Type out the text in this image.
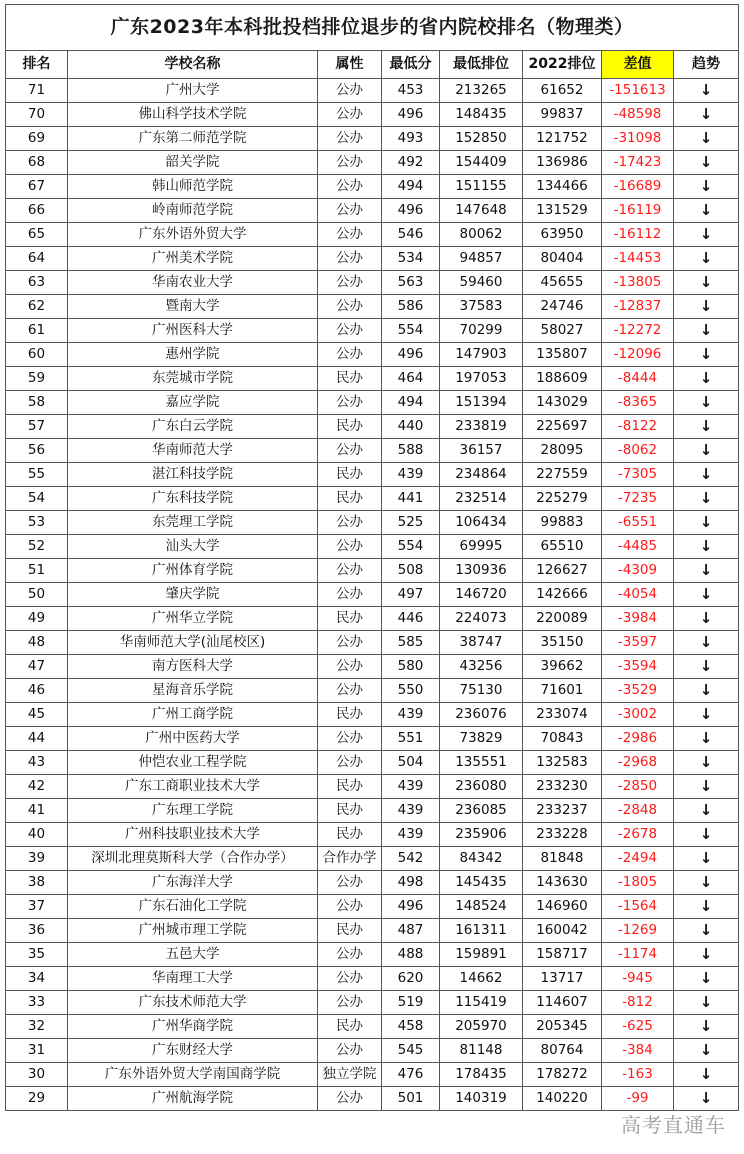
广东2023年本科批投档排位退步的省内院校排名（物理类）							
排名	学校名称	属性	最低分	最低排位	2022排位	差值	趋势
71	广州大学	公办	453	213265	61652	-151613	↓
70	佛山科学技术学院	公办	496	148435	99837	-48598	↓
69	广东第二师范学院	公办	493	152850	121752	-31098	↓
68	韶关学院	公办	492	154409	136986	-17423	↓
67	韩山师范学院	公办	494	151155	134466	-16689	↓
66	岭南师范学院	公办	496	147648	131529	-16119	↓
65	广东外语外贸大学	公办	546	80062	63950	-16112	↓
64	广州美术学院	公办	534	94857	80404	-14453	↓
63	华南农业大学	公办	563	59460	45655	-13805	↓
62	暨南大学	公办	586	37583	24746	-12837	↓
61	广州医科大学	公办	554	70299	58027	-12272	↓
60	惠州学院	公办	496	147903	135807	-12096	↓
59	东莞城市学院	民办	464	197053	188609	-8444	↓
58	嘉应学院	公办	494	151394	143029	-8365	↓
57	广东白云学院	民办	440	233819	225697	-8122	↓
56	华南师范大学	公办	588	36157	28095	-8062	↓
55	湛江科技学院	民办	439	234864	227559	-7305	↓
54	广东科技学院	民办	441	232514	225279	-7235	↓
53	东莞理工学院	公办	525	106434	99883	-6551	↓
52	汕头大学	公办	554	69995	65510	-4485	↓
51	广州体育学院	公办	508	130936	126627	-4309	↓
50	肇庆学院	公办	497	146720	142666	-4054	↓
49	广州华立学院	民办	446	224073	220089	-3984	↓
48	华南师范大学(汕尾校区)	公办	585	38747	35150	-3597	↓
47	南方医科大学	公办	580	43256	39662	-3594	↓
46	星海音乐学院	公办	550	75130	71601	-3529	↓
45	广州工商学院	民办	439	236076	233074	-3002	↓
44	广州中医药大学	公办	551	73829	70843	-2986	↓
43	仲恺农业工程学院	公办	504	135551	132583	-2968	↓
42	广东工商职业技术大学	民办	439	236080	233230	-2850	↓
41	广东理工学院	民办	439	236085	233237	-2848	↓
40	广州科技职业技术大学	民办	439	235906	233228	-2678	↓
39	深圳北理莫斯科大学（合作办学）	合作办学	542	84342	81848	-2494	↓
38	广东海洋大学	公办	498	145435	143630	-1805	↓
37	广东石油化工学院	公办	496	148524	146960	-1564	↓
36	广州城市理工学院	民办	487	161311	160042	-1269	↓
35	五邑大学	公办	488	159891	158717	-1174	↓
34	华南理工大学	公办	620	14662	13717	-945	↓
33	广东技术师范大学	公办	519	115419	114607	-812	↓
32	广州华商学院	民办	458	205970	205345	-625	↓
31	广东财经大学	公办	545	81148	80764	-384	↓
30	广东外语外贸大学南国商学院	独立学院	476	178435	178272	-163	↓
29	广州航海学院	公办	501	140319	140220	-99	↓
高考直通车
